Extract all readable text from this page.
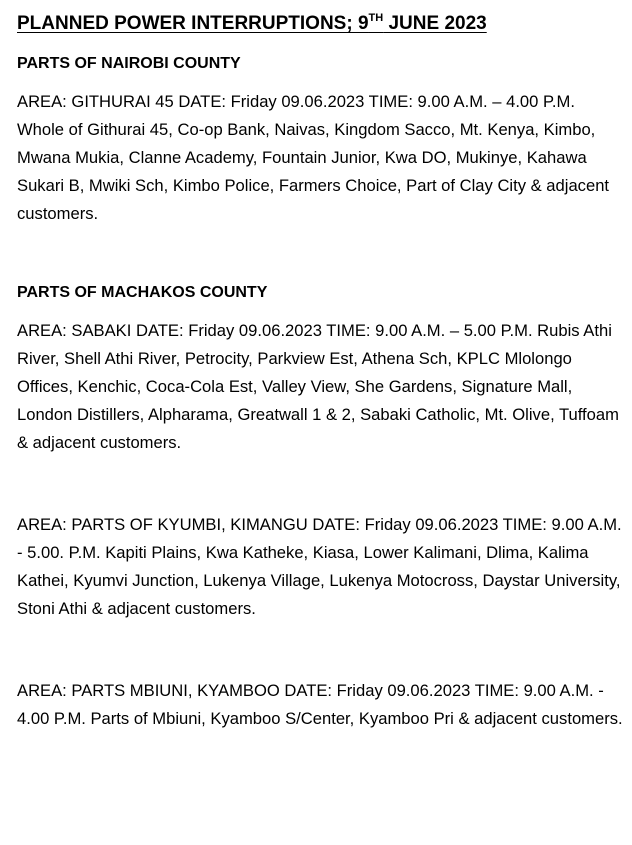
PLANNED POWER INTERRUPTIONS; 9TH JUNE 2023
PARTS OF NAIROBI COUNTY

AREA: GITHURAI 45 DATE: Friday 09.06.2023 TIME: 9.00 A.M. – 4.00 P.M. Whole of Githurai 45, Co-op Bank, Naivas, Kingdom Sacco, Mt. Kenya, Kimbo, Mwana Mukia, Clanne Academy, Fountain Junior, Kwa DO, Mukinye, Kahawa Sukari B, Mwiki Sch, Kimbo Police, Farmers Choice, Part of Clay City & adjacent customers.

PARTS OF MACHAKOS COUNTY

AREA: SABAKI DATE: Friday 09.06.2023 TIME: 9.00 A.M. – 5.00 P.M. Rubis Athi River, Shell Athi River, Petrocity, Parkview Est, Athena Sch, KPLC Mlolongo Offices, Kenchic, Coca-Cola Est, Valley View, She Gardens, Signature Mall, London Distillers, Alpharama, Greatwall 1 & 2, Sabaki Catholic, Mt. Olive, Tuffoam & adjacent customers.

AREA: PARTS OF KYUMBI, KIMANGU DATE: Friday 09.06.2023 TIME: 9.00 A.M. - 5.00. P.M. Kapiti Plains, Kwa Katheke, Kiasa, Lower Kalimani, Dlima, Kalima Kathei, Kyumvi Junction, Lukenya Village, Lukenya Motocross, Daystar University, Stoni Athi & adjacent customers.

AREA: PARTS MBIUNI, KYAMBOO DATE: Friday 09.06.2023 TIME: 9.00 A.M. - 4.00 P.M. Parts of Mbiuni, Kyamboo S/Center, Kyamboo Pri & adjacent customers.
